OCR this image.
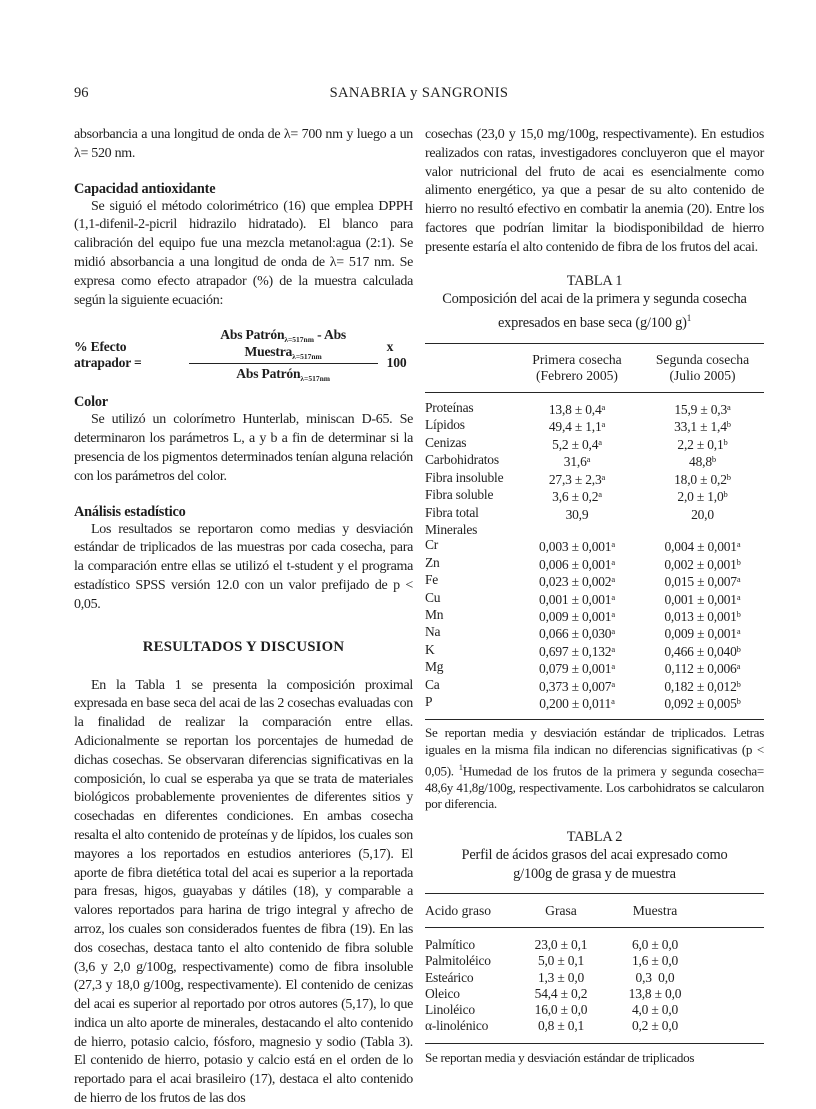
96	SANABRIA y SANGRONIS

absorbancia a una longitud de onda de λ= 700 nm y luego a un λ= 520 nm.

Capacidad antioxidante

Se siguió el método colorimétrico (16) que emplea DPPH (1,1-difenil-2-picril hidrazilo hidratado). El blanco para calibración del equipo fue una mezcla metanol:agua (2:1). Se midió absorbancia a una longitud de onda de λ= 517 nm. Se expresa como efecto atrapador (%) de la muestra calculada según la siguiente ecuación:

% Efecto atrapador =	$\frac{Abs Patrón_{\lambda=517nm} - Abs Muestra_{\lambda=517nm}}{Abs Patrón_{\lambda=517nm}}$ x 100
Color

Se utilizó un colorímetro Hunterlab, miniscan D-65. Se determinaron los parámetros L, a y b a fin de determinar si la presencia de los pigmentos determinados tenían alguna relación con los parámetros del color.

Análisis estadístico

Los resultados se reportaron como medias y desviación estándar de triplicados de las muestras por cada cosecha, para la comparación entre ellas se utilizó el t-student y el programa estadístico SPSS versión 12.0 con un valor prefijado de p < 0,05.

RESULTADOS Y DISCUSION

En la Tabla 1 se presenta la composición proximal expresada en base seca del acai de las 2 cosechas evaluadas con la finalidad de realizar la comparación entre ellas. Adicionalmente se reportan los porcentajes de humedad de dichas cosechas. Se observaran diferencias significativas en la composición, lo cual se esperaba ya que se trata de materiales biológicos probablemente provenientes de diferentes sitios y cosechadas en diferentes condiciones. En ambas cosecha resalta el alto contenido de proteínas y de lípidos, los cuales son mayores a los reportados en estudios anteriores (5,17). El aporte de fibra dietética total del acai es superior a la reportada para fresas, higos, guayabas y dátiles (18), y comparable a valores reportados para harina de trigo integral y afrecho de arroz, los cuales son considerados fuentes de fibra (19). En las dos cosechas, destaca tanto el alto contenido de fibra soluble (3,6 y 2,0 g/100g, respectivamente) como de fibra insoluble (27,3 y 18,0 g/100g, respectivamente). El contenido de cenizas del acai es superior al reportado por otros autores (5,17), lo que indica un alto aporte de minerales, destacando el alto contenido de hierro, potasio calcio, fósforo, magnesio y sodio (Tabla 3). El contenido de hierro, potasio y calcio está en el orden de lo reportado para el acai brasileiro (17), destaca el alto contenido de hierro de los frutos de las dos

cosechas (23,0 y 15,0 mg/100g, respectivamente). En estudios realizados con ratas, investigadores concluyeron que el mayor valor nutricional del fruto de acai es esencialmente como alimento energético, ya que a pesar de su alto contenido de hierro no resultó efectivo en combatir la anemia (20). Entre los factores que podrían limitar la biodisponibildad de hierro presente estaría el alto contenido de fibra de los frutos del acai.

TABLA 1
Composición del acai de la primera y segunda cosecha
expresados en base seca (g/100 g)$^1$
Primera cosecha
(Febrero 2005)
Segunda cosecha
(Julio 2005)
Proteínas	13,8 ± 0,4$^a$	15,9 ± 0,3$^a$
Lípidos	49,4 ± 1,1$^a$	33,1 ± 1,4$^b$
Cenizas	5,2 ± 0,4$^a$	2,2 ± 0,1$^b$
Carbohidratos	31,6$^a$	48,8$^b$
Fibra insoluble	27,3 ± 2,3$^a$	18,0 ± 0,2$^b$
Fibra soluble	3,6 ± 0,2$^a$	2,0 ± 1,0$^b$
Fibra total	30,9	20,0
Minerales
Cr	0,003 ± 0,001$^a$	0,004 ± 0,001$^a$
Zn	0,006 ± 0,001$^a$	0,002 ± 0,001$^b$
Fe	0,023 ± 0,002$^a$	0,015 ± 0,007$^a$
Cu	0,001 ± 0,001$^a$	0,001 ± 0,001$^a$
Mn	0,009 ± 0,001$^a$	0,013 ± 0,001$^b$
Na	0,066 ± 0,030$^a$	0,009 ± 0,001$^a$
K	0,697 ± 0,132$^a$	0,466 ± 0,040$^b$
Mg	0,079 ± 0,001$^a$	0,112 ± 0,006$^a$
Ca	0,373 ± 0,007$^a$	0,182 ± 0,012$^b$
P	0,200 ± 0,011$^a$	0,092 ± 0,005$^b$

Se reportan media y desviación estándar de triplicados. Letras iguales en la misma fila indican no diferencias significativas (p < 0,05). $^1$Humedad de los frutos de la primera y segunda cosecha= 48,6y 41,8g/100g, respectivamente. Los carbohidratos se calcularon por diferencia.

TABLA 2
Perfil de ácidos grasos del acai expresado como
g/100g de grasa y de muestra
Acido graso	Grasa	Muestra
Palmítico	23,0 ± 0,1	6,0 ± 0,0
Palmitoléico	5,0 ± 0,1	1,6 ± 0,0
Esteárico	1,3 ± 0,0	0,3  0,0
Oleico	54,4 ± 0,2	13,8 ± 0,0
Linoléico	16,0 ± 0,0	4,0 ± 0,0
α-linolénico	0,8 ± 0,1	0,2 ± 0,0

Se reportan media y desviación estándar de triplicados
